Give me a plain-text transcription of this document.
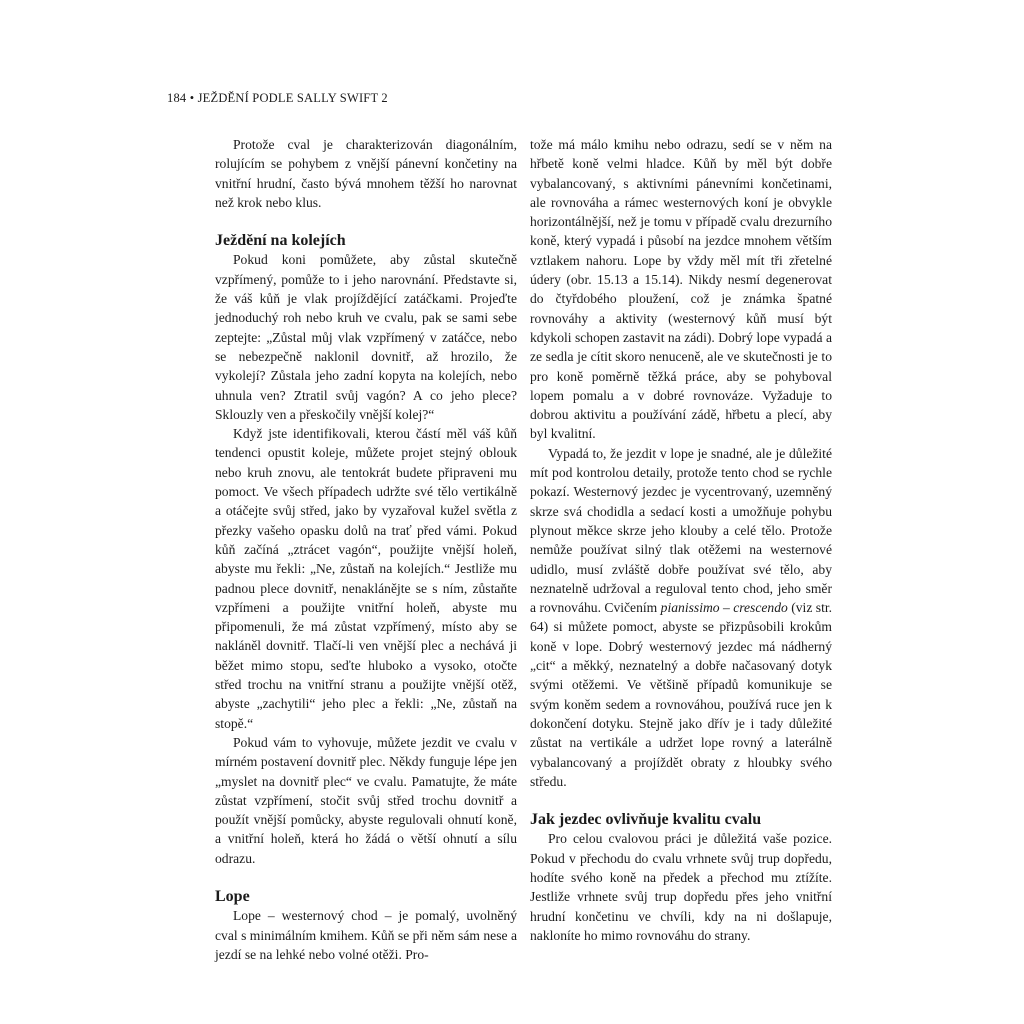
184 • JEŽDĚNÍ PODLE SALLY SWIFT 2

Protože cval je charakterizován diagonálním, rolujícím se pohybem z vnější pánevní končetiny na vnitřní hrudní, často bývá mnohem těžší ho narovnat než krok nebo klus.

Ježdění na kolejích

Pokud koni pomůžete, aby zůstal skutečně vzpřímený, pomůže to i jeho narovnání. Představte si, že váš kůň je vlak projíždějící zatáčkami. Projeďte jednoduchý roh nebo kruh ve cvalu, pak se sami sebe zeptejte: „Zůstal můj vlak vzpřímený v zatáčce, nebo se nebezpečně naklonil dovnitř, až hrozilo, že vykolejí? Zůstala jeho zadní kopyta na kolejích, nebo uhnula ven? Ztratil svůj vagón? A co jeho plece? Sklouzly ven a přeskočily vnější kolej?“

Když jste identifikovali, kterou částí měl váš kůň tendenci opustit koleje, můžete projet stejný oblouk nebo kruh znovu, ale tentokrát budete připraveni mu pomoct. Ve všech případech udržte své tělo vertikálně a otáčejte svůj střed, jako by vyzařoval kužel světla z přezky vašeho opasku dolů na trať před vámi. Pokud kůň začíná „ztrácet vagón“, použijte vnější holeň, abyste mu řekli: „Ne, zůstaň na kolejích.“ Jestliže mu padnou plece dovnitř, nenaklánějte se s ním, zůstaňte vzpřímeni a použijte vnitřní holeň, abyste mu připomenuli, že má zůstat vzpřímený, místo aby se nakláněl dovnitř. Tlačí-li ven vnější plec a nechává ji běžet mimo stopu, seďte hluboko a vysoko, otočte střed trochu na vnitřní stranu a použijte vnější otěž, abyste „zachytili“ jeho plec a řekli: „Ne, zůstaň na stopě.“

Pokud vám to vyhovuje, můžete jezdit ve cvalu v mírném postavení dovnitř plec. Někdy funguje lépe jen „myslet na dovnitř plec“ ve cvalu. Pamatujte, že máte zůstat vzpřímení, stočit svůj střed trochu dovnitř a použít vnější pomůcky, abyste regulovali ohnutí koně, a vnitřní holeň, která ho žádá o větší ohnutí a sílu odrazu.

Lope

Lope – westernový chod – je pomalý, uvolněný cval s minimálním kmihem. Kůň se při něm sám nese a jezdí se na lehké nebo volné otěži. Pro-

tože má málo kmihu nebo odrazu, sedí se v něm na hřbetě koně velmi hladce. Kůň by měl být dobře vybalancovaný, s aktivními pánevními končetinami, ale rovnováha a rámec westernových koní je obvykle horizontálnější, než je tomu v případě cvalu drezurního koně, který vypadá i působí na jezdce mnohem větším vztlakem nahoru. Lope by vždy měl mít tři zřetelné údery (obr. 15.13 a 15.14). Nikdy nesmí degenerovat do čtyřdobého ploužení, což je známka špatné rovnováhy a aktivity (westernový kůň musí být kdykoli schopen zastavit na zádi). Dobrý lope vypadá a ze sedla je cítit skoro nenuceně, ale ve skutečnosti je to pro koně poměrně těžká práce, aby se pohyboval lopem pomalu a v dobré rovnováze. Vyžaduje to dobrou aktivitu a používání zádě, hřbetu a plecí, aby byl kvalitní.

Vypadá to, že jezdit v lope je snadné, ale je důležité mít pod kontrolou detaily, protože tento chod se rychle pokazí. Westernový jezdec je vycentrovaný, uzemněný skrze svá chodidla a sedací kosti a umožňuje pohybu plynout měkce skrze jeho klouby a celé tělo. Protože nemůže používat silný tlak otěžemi na westernové udidlo, musí zvláště dobře používat své tělo, aby neznatelně udržoval a reguloval tento chod, jeho směr a rovnováhu. Cvičením pianissimo – crescendo (viz str. 64) si můžete pomoct, abyste se přizpůsobili krokům koně v lope. Dobrý westernový jezdec má nádherný „cit“ a měkký, neznatelný a dobře načasovaný dotyk svými otěžemi. Ve většině případů komunikuje se svým koněm sedem a rovnováhou, používá ruce jen k dokončení dotyku. Stejně jako dřív je i tady důležité zůstat na vertikále a udržet lope rovný a laterálně vybalancovaný a projíždět obraty z hloubky svého středu.

Jak jezdec ovlivňuje kvalitu cvalu

Pro celou cvalovou práci je důležitá vaše pozice. Pokud v přechodu do cvalu vrhnete svůj trup dopředu, hodíte svého koně na předek a přechod mu ztížíte. Jestliže vrhnete svůj trup dopředu přes jeho vnitřní hrudní končetinu ve chvíli, kdy na ni došlapuje, nakloníte ho mimo rovnováhu do strany.
